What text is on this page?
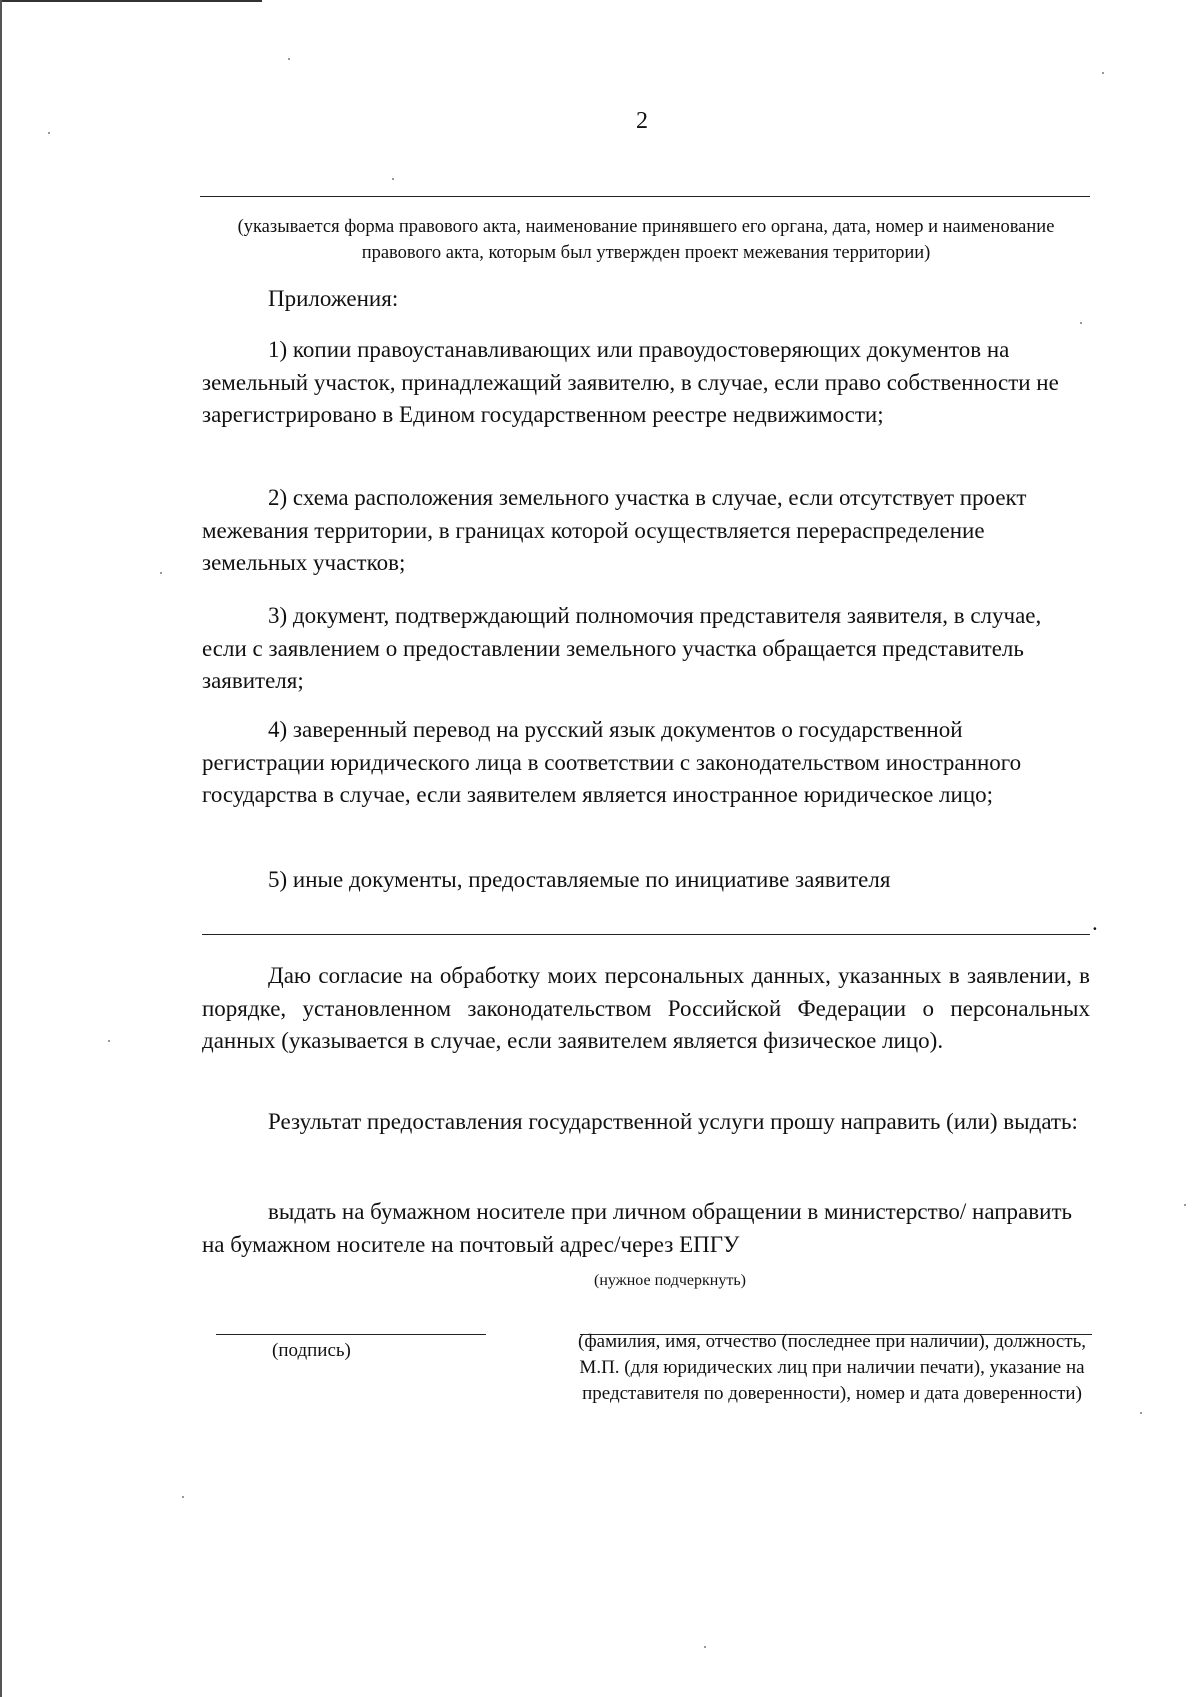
2
(указывается форма правового акта, наименование принявшего его органа, дата, номер и наименование правового акта, которым был утвержден проект межевания территории)
Приложения:

1) копии правоустанавливающих или правоудостоверяющих документов на земельный участок, принадлежащий заявителю, в случае, если право собственности не зарегистрировано в Едином государственном реестре недвижимости;

2) схема расположения земельного участка в случае, если отсутствует проект межевания территории, в границах которой осуществляется перераспределение земельных участков;

3) документ, подтверждающий полномочия представителя заявителя, в случае, если с заявлением о предоставлении земельного участка обращается представитель заявителя;

4) заверенный перевод на русский язык документов о государственной регистрации юридического лица в соответствии с законодательством иностранного государства в случае, если заявителем является иностранное юридическое лицо;

5) иные документы, предоставляемые по инициативе заявителя

.

Даю согласие на обработку моих персональных данных, указанных в заявлении, в порядке, установленном законодательством Российской Федерации о персональных данных (указывается в случае, если заявителем является физическое лицо).

Результат предоставления государственной услуги прошу направить (или) выдать:

выдать на бумажном носителе при личном обращении в министерство/ направить на бумажном носителе на почтовый адрес/через ЕПГУ

(нужное подчеркнуть)
(подпись)	(фамилия, имя, отчество (последнее при наличии), должность, М.П. (для юридических лиц при наличии печати), указание на представителя по доверенности), номер и дата доверенности)
